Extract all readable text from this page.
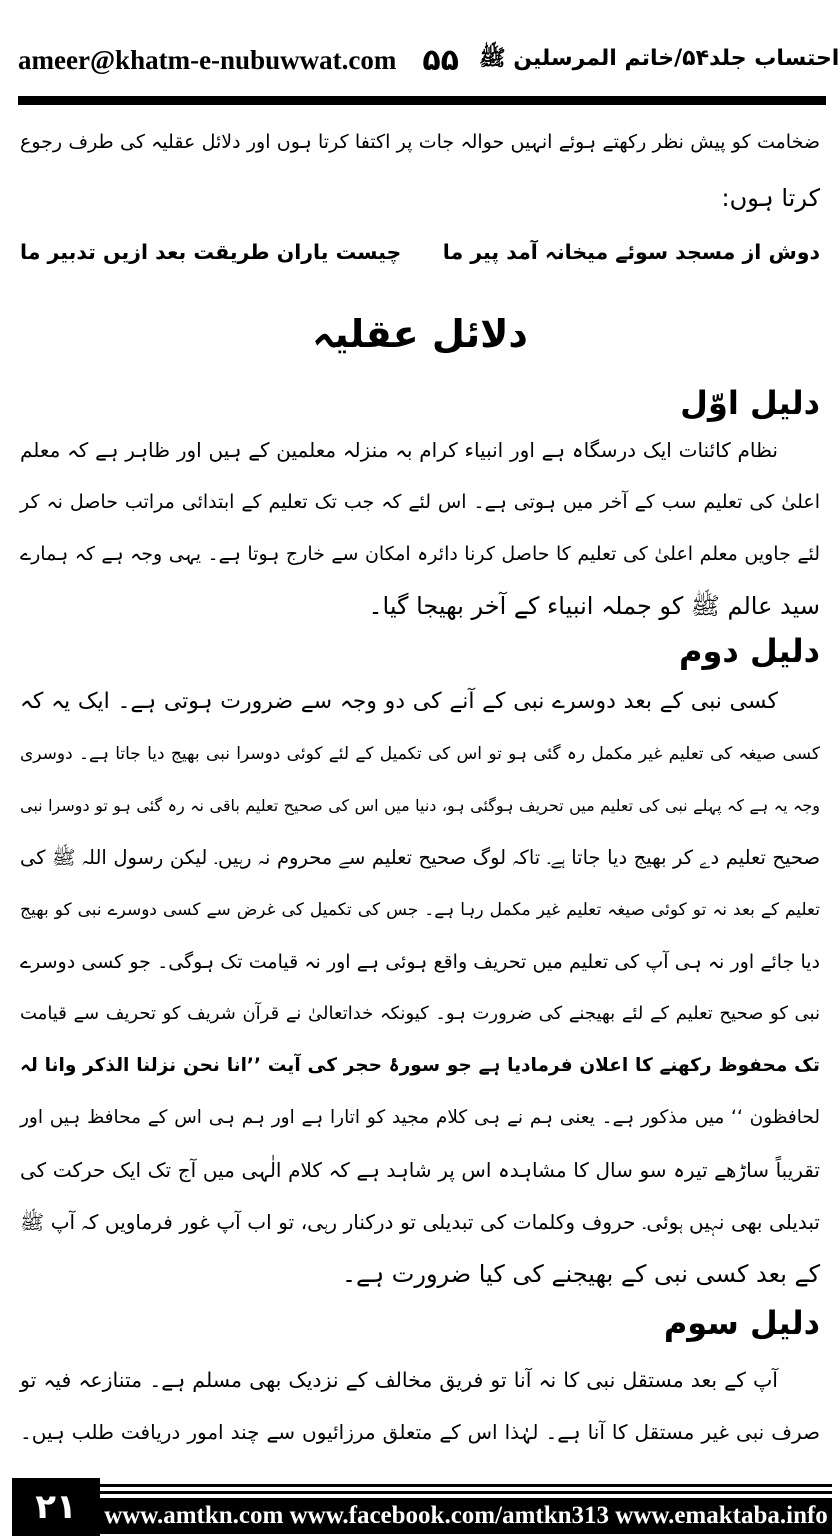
ameer@khatm-e-nubuwwat.com ۵۵ احتساب جلد۵۴/خاتم المرسلین ﷺ
ضخامت کو پیش نظر رکھتے ہوئے انہیں حوالہ جات پر اکتفا کرتا ہوں اور دلائل عقلیہ کی طرف رجوع
کرتا ہوں:
دوش از مسجد سوئے میخانہ آمد پیر ما
چیست یاران طریقت بعد ازیں تدبیر ما
دلائل عقلیہ
دلیل اوّل
نظام کائنات ایک درسگاہ ہے اور انبیاء کرام بہ منزلہ معلمین کے ہیں اور ظاہر ہے کہ معلم
اعلیٰ کی تعلیم سب کے آخر میں ہوتی ہے۔ اس لئے کہ جب تک تعلیم کے ابتدائی مراتب حاصل نہ کر
لئے جاویں معلم اعلیٰ کی تعلیم کا حاصل کرنا دائرہ امکان سے خارج ہوتا ہے۔ یہی وجہ ہے کہ ہمارے
سید عالم ﷺ کو جملہ انبیاء کے آخر بھیجا گیا۔
دلیل دوم
کسی نبی کے بعد دوسرے نبی کے آنے کی دو وجہ سے ضرورت ہوتی ہے۔ ایک یہ کہ
کسی صیغہ کی تعلیم غیر مکمل رہ گئی ہو تو اس کی تکمیل کے لئے کوئی دوسرا نبی بھیج دیا جاتا ہے۔ دوسری
وجہ یہ ہے کہ پہلے نبی کی تعلیم میں تحریف ہوگئی ہو، دنیا میں اس کی صحیح تعلیم باقی نہ رہ گئی ہو تو دوسرا نبی
صحیح تعلیم دے کر بھیج دیا جاتا ہے۔ تاکہ لوگ صحیح تعلیم سے محروم نہ رہیں۔ لیکن رسول اللہ ﷺ کی
تعلیم کے بعد نہ تو کوئی صیغہ تعلیم غیر مکمل رہا ہے۔ جس کی تکمیل کی غرض سے کسی دوسرے نبی کو بھیج
دیا جائے اور نہ ہی آپ کی تعلیم میں تحریف واقع ہوئی ہے اور نہ قیامت تک ہوگی۔ جو کسی دوسرے
نبی کو صحیح تعلیم کے لئے بھیجنے کی ضرورت ہو۔ کیونکہ خداتعالیٰ نے قرآن شریف کو تحریف سے قیامت
تک محفوظ رکھنے کا اعلان فرمادیا ہے جو سورۂ حجر کی آیت ’’انا نحن نزلنا الذکر وانا لہ
لحافظون ‘‘ میں مذکور ہے۔ یعنی ہم نے ہی کلام مجید کو اتارا ہے اور ہم ہی اس کے محافظ ہیں اور
تقریباً ساڑھے تیرہ سو سال کا مشاہدہ اس پر شاہد ہے کہ کلام الٰہی میں آج تک ایک حرکت کی
تبدیلی بھی نہیں ہوئی۔ حروف وکلمات کی تبدیلی تو درکنار رہی، تو اب آپ غور فرماویں کہ آپ ﷺ
کے بعد کسی نبی کے بھیجنے کی کیا ضرورت ہے۔
دلیل سوم
آپ کے بعد مستقل نبی کا نہ آنا تو فریق مخالف کے نزدیک بھی مسلم ہے۔ متنازعہ فیہ تو
صرف نبی غیر مستقل کا آنا ہے۔ لہٰذا اس کے متعلق مرزائیوں سے چند امور دریافت طلب ہیں۔
۲۱	www.amtkn.com www.facebook.com/amtkn313 www.emaktaba.info
